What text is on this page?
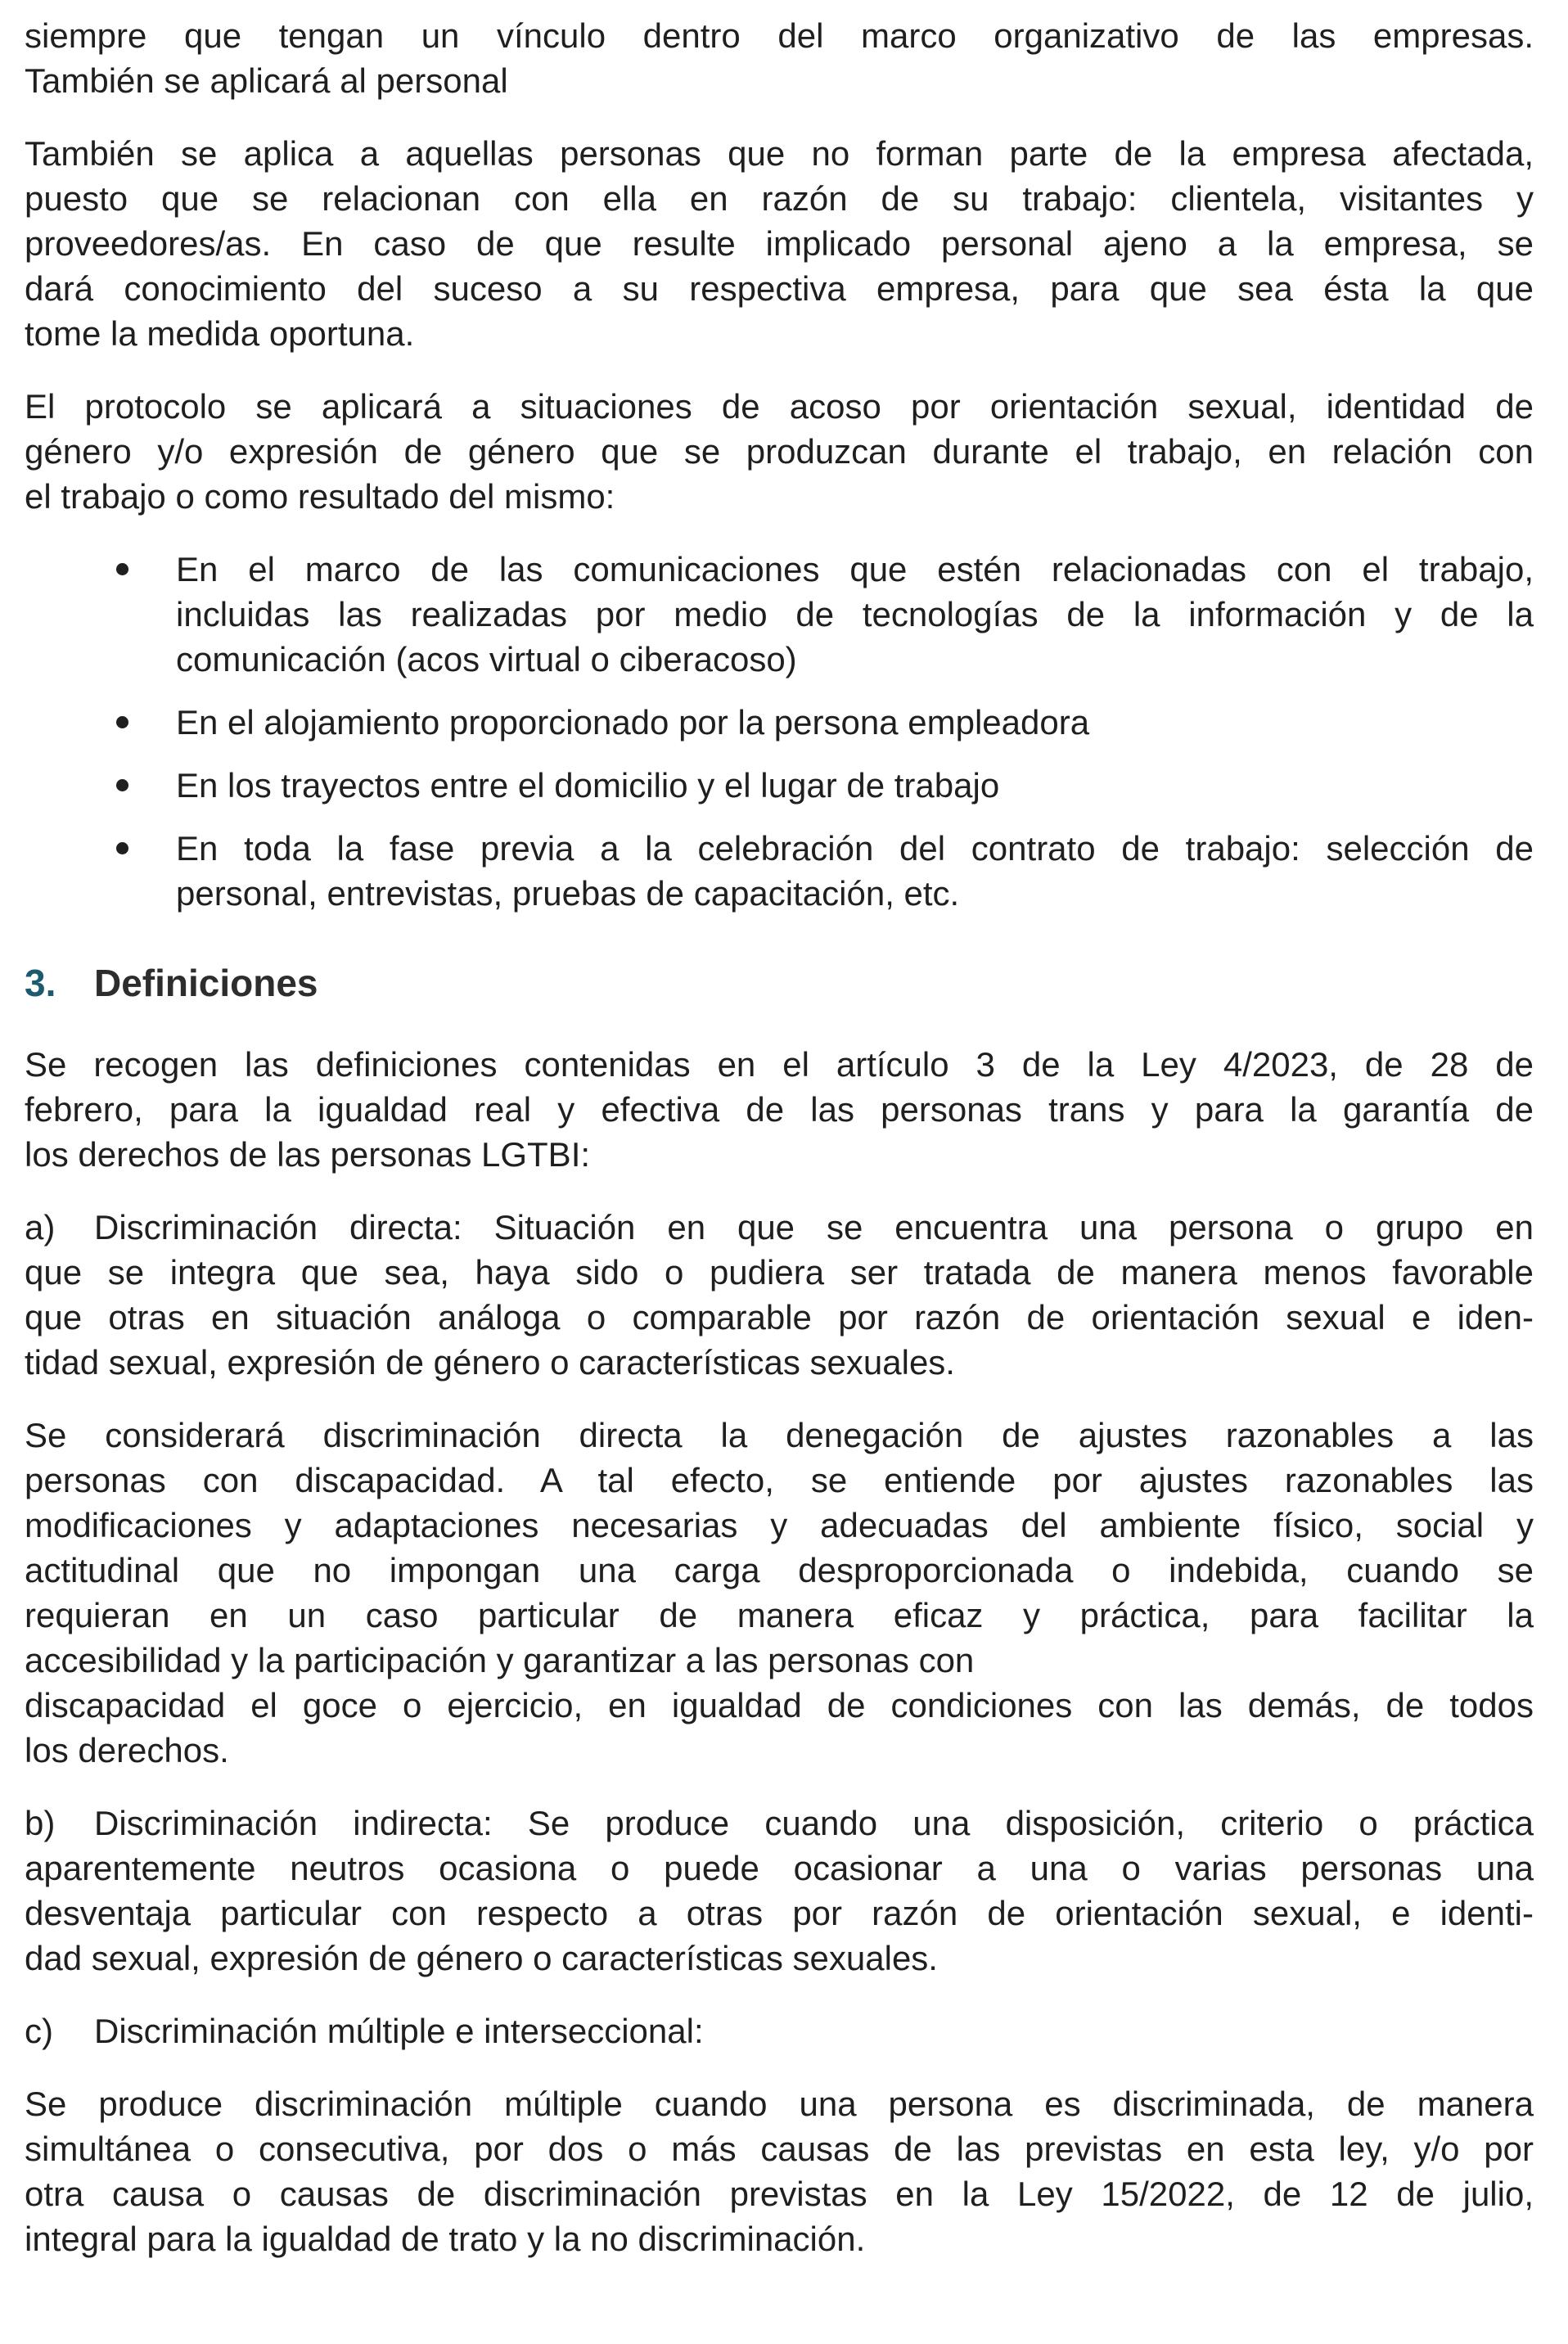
siempre que tengan un vínculo dentro del marco organizativo de las empresas.
También se aplicará al personal
También se aplica a aquellas personas que no forman parte de la empresa afectada,
puesto que se relacionan con ella en razón de su trabajo: clientela, visitantes y
proveedores/as. En caso de que resulte implicado personal ajeno a la empresa, se
dará conocimiento del suceso a su respectiva empresa, para que sea ésta la que
tome la medida oportuna.
El protocolo se aplicará a situaciones de acoso por orientación sexual, identidad de
género y/o expresión de género que se produzcan durante el trabajo, en relación con
el trabajo o como resultado del mismo:
En el marco de las comunicaciones que estén relacionadas con el trabajo,
incluidas las realizadas por medio de tecnologías de la información y de la
comunicación (acos virtual o ciberacoso)
En el alojamiento proporcionado por la persona empleadora
En los trayectos entre el domicilio y el lugar de trabajo
En toda la fase previa a la celebración del contrato de trabajo: selección de
personal, entrevistas, pruebas de capacitación, etc.
3. Definiciones
Se recogen las definiciones contenidas en el artículo 3 de la Ley 4/2023, de 28 de
febrero, para la igualdad real y efectiva de las personas trans y para la garantía de
los derechos de las personas LGTBI:
a) Discriminación directa: Situación en que se encuentra una persona o grupo en
que se integra que sea, haya sido o pudiera ser tratada de manera menos favorable
que otras en situación análoga o comparable por razón de orientación sexual e iden-
tidad sexual, expresión de género o características sexuales.
Se considerará discriminación directa la denegación de ajustes razonables a las
personas con discapacidad. A tal efecto, se entiende por ajustes razonables las
modificaciones y adaptaciones necesarias y adecuadas del ambiente físico, social y
actitudinal que no impongan una carga desproporcionada o indebida, cuando se
requieran en un caso particular de manera eficaz y práctica, para facilitar la
accesibilidad y la participación y garantizar a las personas con
discapacidad el goce o ejercicio, en igualdad de condiciones con las demás, de todos
los derechos.
b) Discriminación indirecta: Se produce cuando una disposición, criterio o práctica
aparentemente neutros ocasiona o puede ocasionar a una o varias personas una
desventaja particular con respecto a otras por razón de orientación sexual, e identi-
dad sexual, expresión de género o características sexuales.
c) Discriminación múltiple e interseccional:
Se produce discriminación múltiple cuando una persona es discriminada, de manera
simultánea o consecutiva, por dos o más causas de las previstas en esta ley, y/o por
otra causa o causas de discriminación previstas en la Ley 15/2022, de 12 de julio,
integral para la igualdad de trato y la no discriminación.
